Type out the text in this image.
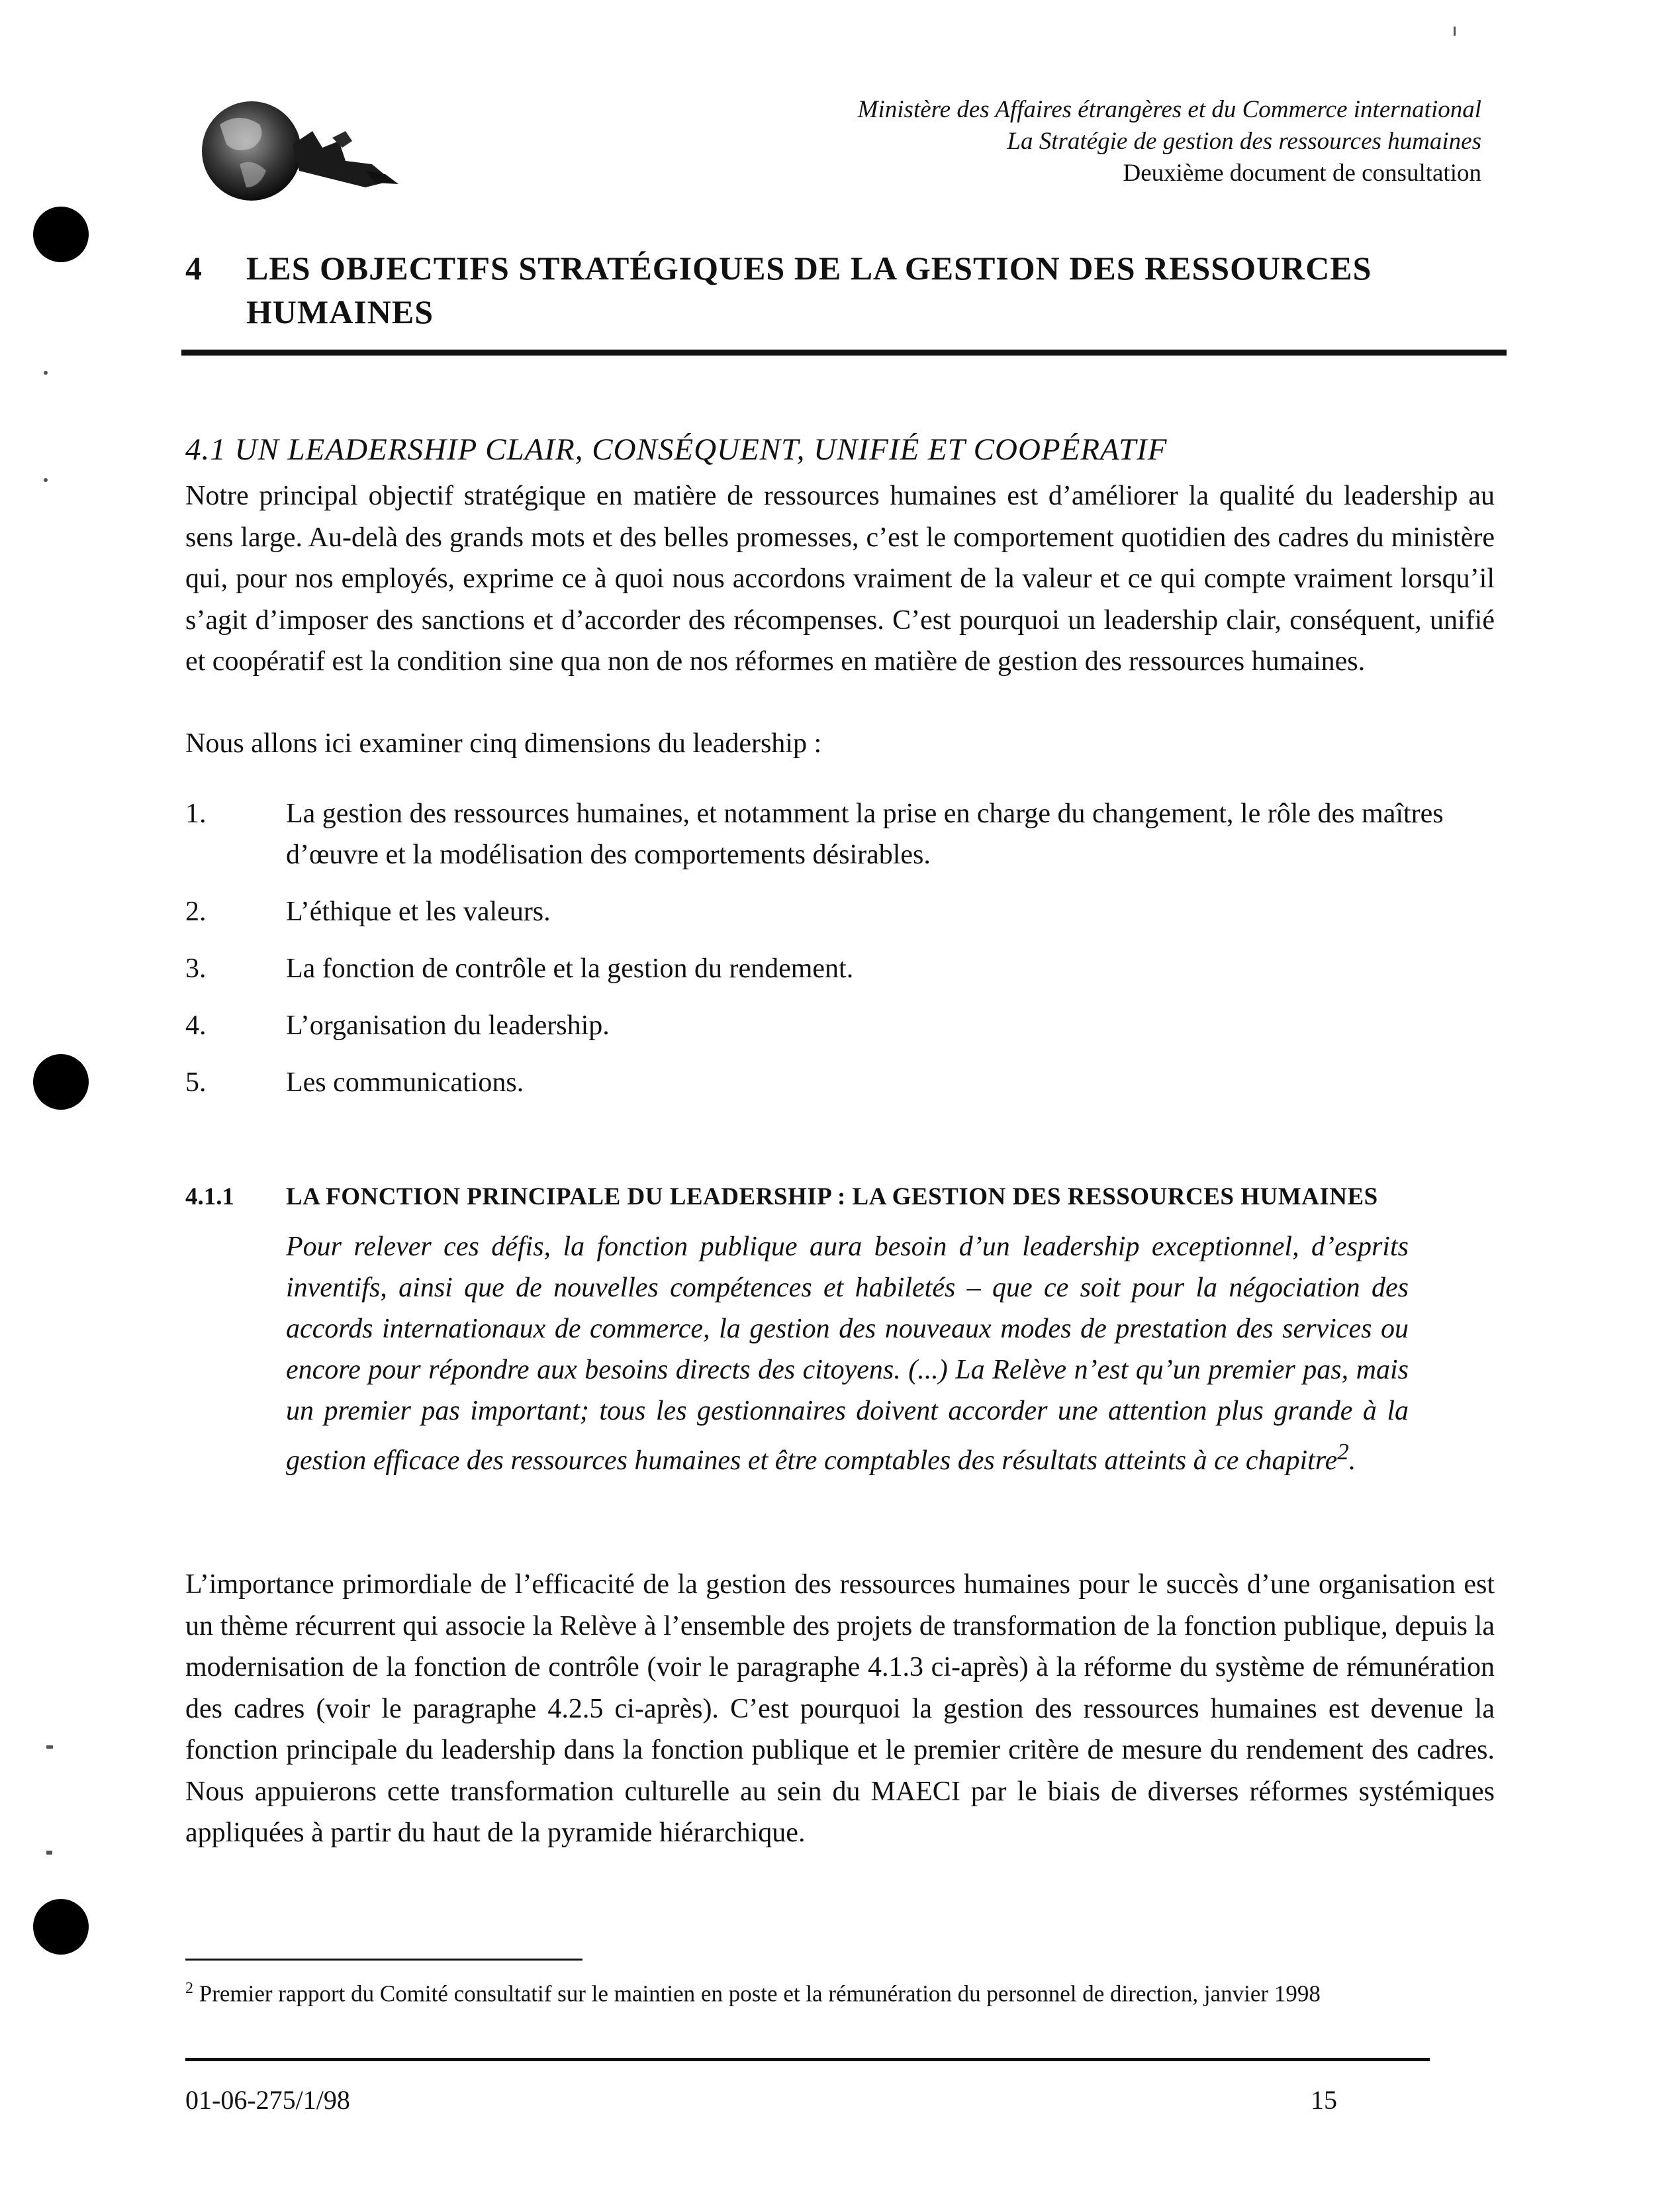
Ministère des Affaires étrangères et du Commerce international
La Stratégie de gestion des ressources humaines
Deuxième document de consultation
4 LES OBJECTIFS STRATÉGIQUES DE LA GESTION DES RESSOURCES HUMAINES
4.1 UN LEADERSHIP CLAIR, CONSÉQUENT, UNIFIÉ ET COOPÉRATIF
Notre principal objectif stratégique en matière de ressources humaines est d’améliorer la qualité du leadership au sens large. Au-delà des grands mots et des belles promesses, c’est le comportement quotidien des cadres du ministère qui, pour nos employés, exprime ce à quoi nous accordons vraiment de la valeur et ce qui compte vraiment lorsqu’il s’agit d’imposer des sanctions et d’accorder des récompenses. C’est pourquoi un leadership clair, conséquent, unifié et coopératif est la condition sine qua non de nos réformes en matière de gestion des ressources humaines.
Nous allons ici examiner cinq dimensions du leadership :
1.	La gestion des ressources humaines, et notamment la prise en charge du changement, le rôle des maîtres d’œuvre et la modélisation des comportements désirables.
2.	L’éthique et les valeurs.
3.	La fonction de contrôle et la gestion du rendement.
4.	L’organisation du leadership.
5.	Les communications.
4.1.1 LA FONCTION PRINCIPALE DU LEADERSHIP : LA GESTION DES RESSOURCES HUMAINES
Pour relever ces défis, la fonction publique aura besoin d’un leadership exceptionnel, d’esprits inventifs, ainsi que de nouvelles compétences et habiletés – que ce soit pour la négociation des accords internationaux de commerce, la gestion des nouveaux modes de prestation des services ou encore pour répondre aux besoins directs des citoyens. (...) La Relève n’est qu’un premier pas, mais un premier pas important; tous les gestionnaires doivent accorder une attention plus grande à la gestion efficace des ressources humaines et être comptables des résultats atteints à ce chapitre$^2$.
L’importance primordiale de l’efficacité de la gestion des ressources humaines pour le succès d’une organisation est un thème récurrent qui associe la Relève à l’ensemble des projets de transformation de la fonction publique, depuis la modernisation de la fonction de contrôle (voir le paragraphe 4.1.3 ci-après) à la réforme du système de rémunération des cadres (voir le paragraphe 4.2.5 ci-après). C’est pourquoi la gestion des ressources humaines est devenue la fonction principale du leadership dans la fonction publique et le premier critère de mesure du rendement des cadres. Nous appuierons cette transformation culturelle au sein du MAECI par le biais de diverses réformes systémiques appliquées à partir du haut de la pyramide hiérarchique.
$^2$ Premier rapport du Comité consultatif sur le maintien en poste et la rémunération du personnel de direction, janvier 1998
01-06-275/1/98	15
